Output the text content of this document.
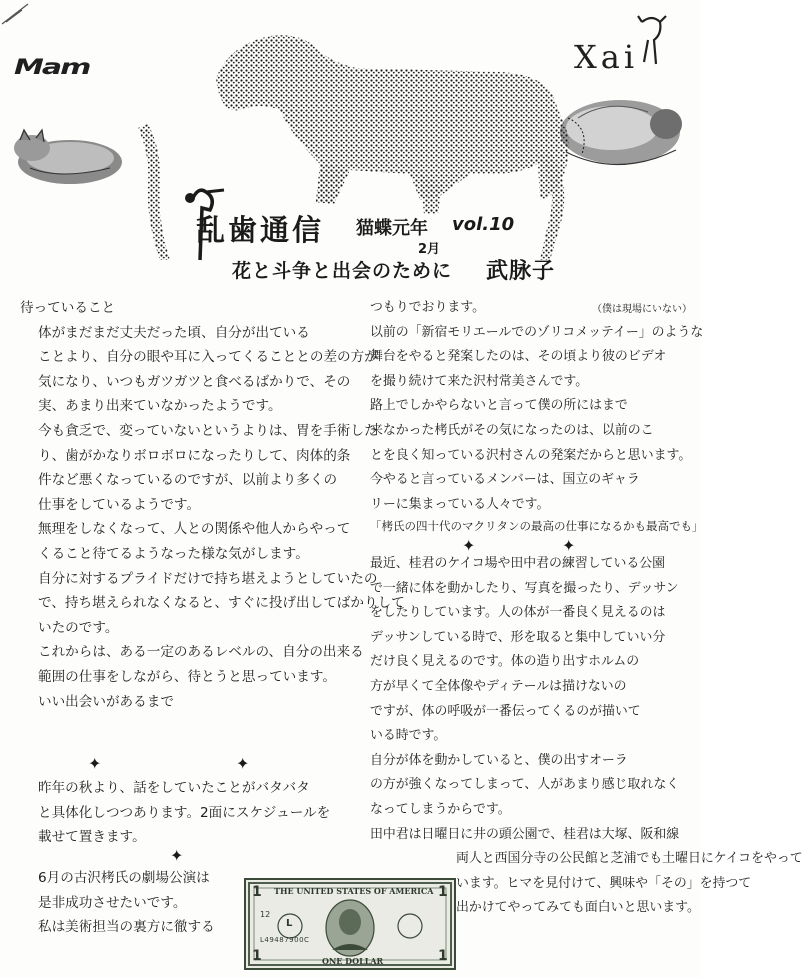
Mam	Xai
乱歯通信 猫蝶元年 vol.10
2月
花と斗争と出会のために 武脉子
待っていること
体がまだまだ丈夫だった頃、自分が出ている
ことより、自分の眼や耳に入ってくることとの差の方が
気になり、いつもガツガツと食べるばかりで、その
実、あまり出来ていなかったようです。
今も貪乏で、変っていないというよりは、胃を手術した
り、歯がかなりボロボロになったりして、肉体的条
件など悪くなっているのですが、以前より多くの
仕事をしているようです。
無理をしなくなって、人との関係や他人からやって
くること待てるようなった様な気がします。
自分に対するプライドだけで持ち堪えようとしていたの
で、持ち堪えられなくなると、すぐに投げ出してばかりして
いたのです。
これからは、ある一定のあるレベルの、自分の出来る
範囲の仕事をしながら、待とうと思っています。
いい出会いがあるまで
✦	✦
昨年の秋より、話をしていたことがバタバタ
と具体化しつつあります。2面にスケジュールを
載せて置きます。
✦
6月の古沢栲氏の劇場公演は
是非成功させたいです。
私は美術担当の裏方に徹する
（僕は現場にいない）
つもりでおります。
以前の「新宿モリエールでのゾリコメッテイー」のような
舞台をやると発案したのは、その頃より彼のビデオ
を撮り続けて来た沢村常美さんです。
路上でしかやらないと言って僕の所にはまで
来なかった栲氏がその気になったのは、以前のこ
とを良く知っている沢村さんの発案だからと思います。
今やると言っているメンバーは、国立のギャラ
リーに集まっている人々です。
「栲氏の四十代のマクリタンの最高の仕事になるかも最高でも」
✦	✦
最近、桂君のケイコ場や田中君の練習している公園
で一緒に体を動かしたり、写真を撮ったり、デッサン
をしたりしています。人の体が一番良く見えるのは
デッサンしている時で、形を取ると集中していい分
だけ良く見えるのです。体の造り出すホルムの
方が早くて全体像やディテールは描けないの
ですが、体の呼吸が一番伝ってくるのが描いて
いる時です。
自分が体を動かしていると、僕の出すオーラ
の方が強くなってしまって、人があまり感じ取れなく
なってしまうからです。
田中君は日曜日に井の頭公園で、桂君は大塚、阪和線
両人と西国分寺の公民館と芝浦でも土曜日にケイコをやって
います。ヒマを見付けて、興味や「その」を持つて
出かけてやってみても面白いと思います。
THE UNITED STATES OF AMERICA
1	1
1	1
L
12
L49487900C
ONE DOLLAR
